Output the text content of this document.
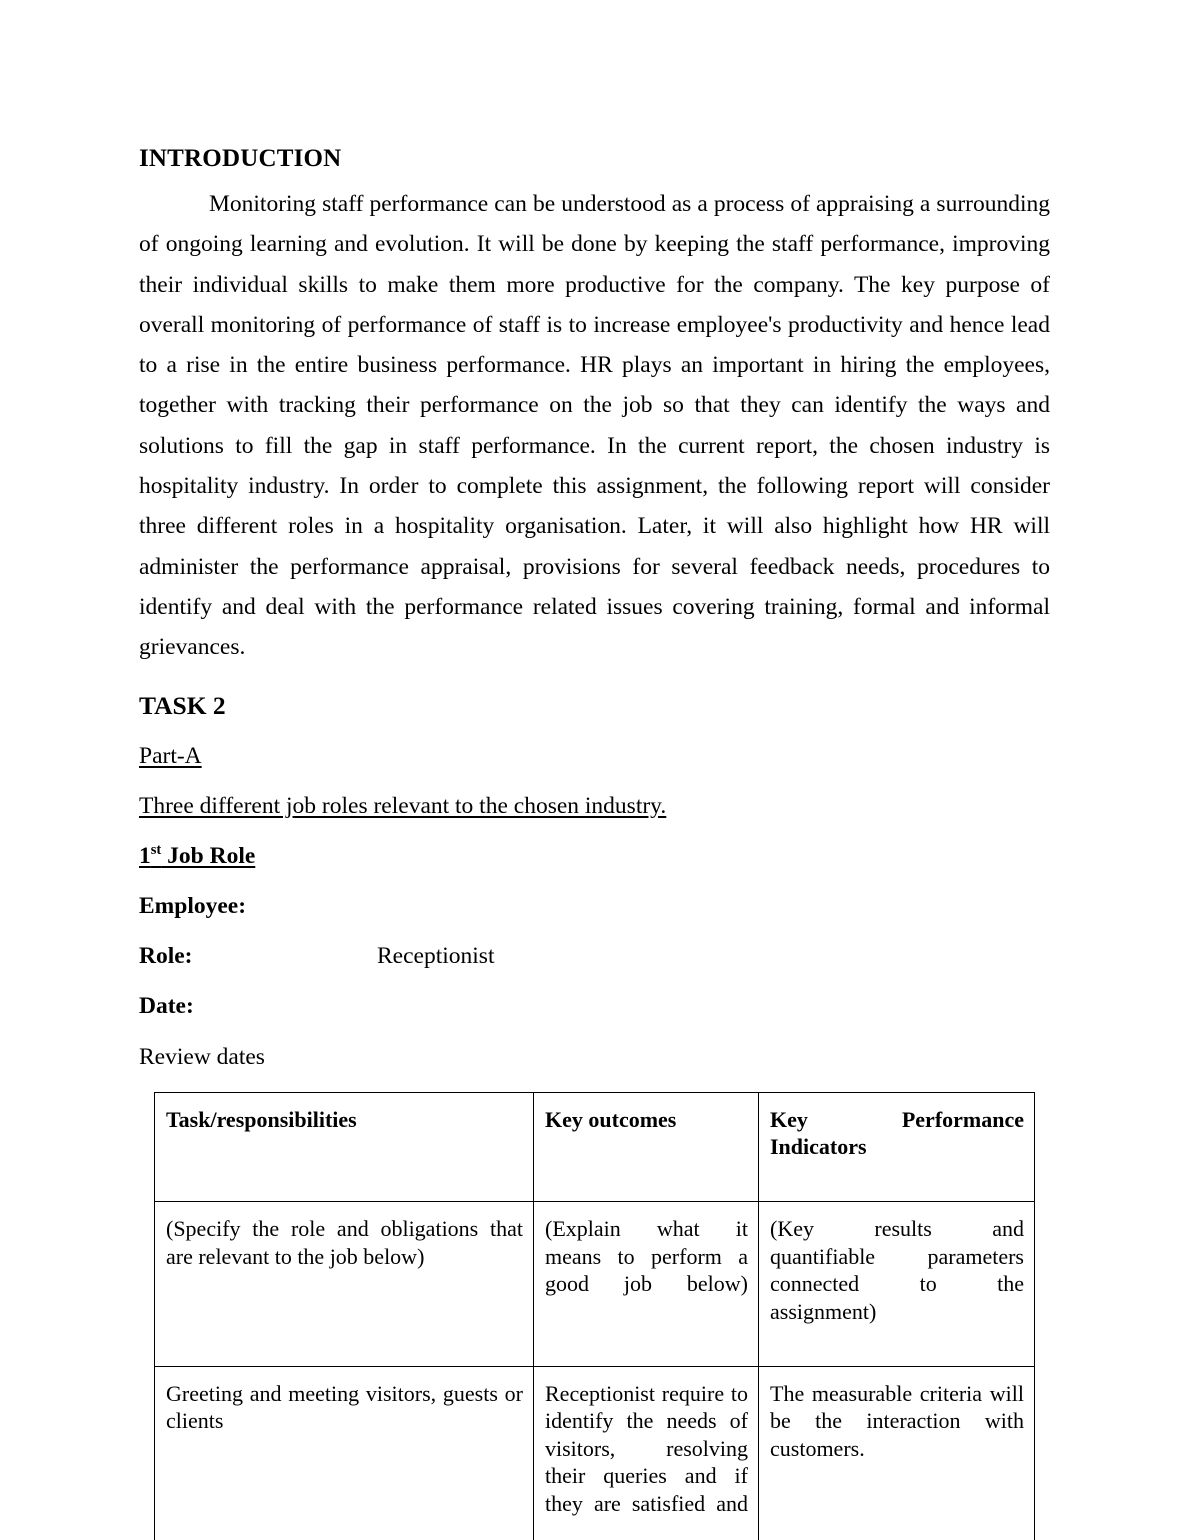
INTRODUCTION

Monitoring staff performance can be understood as a process of appraising a surrounding of ongoing learning and evolution. It will be done by keeping the staff performance, improving their individual skills to make them more productive for the company. The key purpose of overall monitoring of performance of staff is to increase employee's productivity and hence lead to a rise in the entire business performance. HR plays an important in hiring the employees, together with tracking their performance on the job so that they can identify the ways and solutions to fill the gap in staff performance. In the current report, the chosen industry is hospitality industry. In order to complete this assignment, the following report will consider three different roles in a hospitality organisation. Later, it will also highlight how HR will administer the performance appraisal, provisions for several feedback needs, procedures to identify and deal with the performance related issues covering training, formal and informal grievances.

TASK 2
Part-A
Three different job roles relevant to the chosen industry.
1st Job Role
Employee:
Role:	Receptionist
Date:
Review dates
Task/responsibilities	Key outcomes	Key Performance Indicators

(Specify the role and obligations that are relevant to the job below)	(Explain what it means to perform a good job below)	(Key results and quantifiable parameters connected to the assignment)
Greeting and meeting visitors, guests or clients	Receptionist require to identify the needs of visitors, resolving their queries and if they are satisfied and	The measurable criteria will be the interaction with customers.
